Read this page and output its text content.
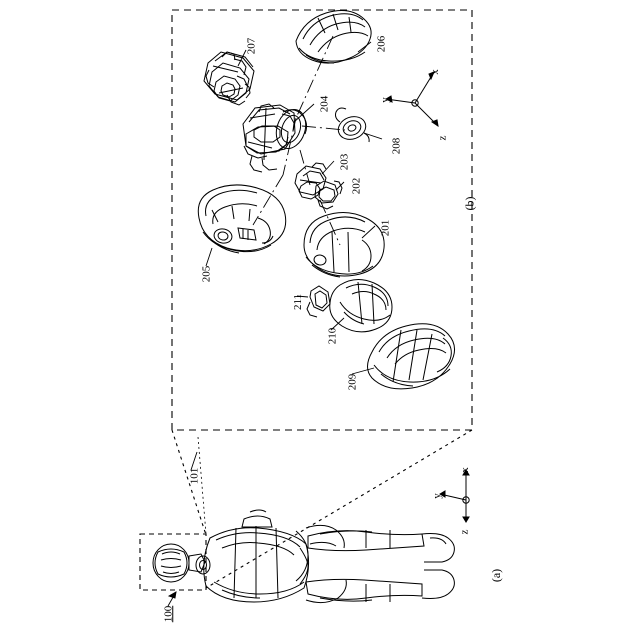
207	206
204
208
203
202
205
201
211
210
209
101
100
(b)
(a)
x
y
z
x
y
z
